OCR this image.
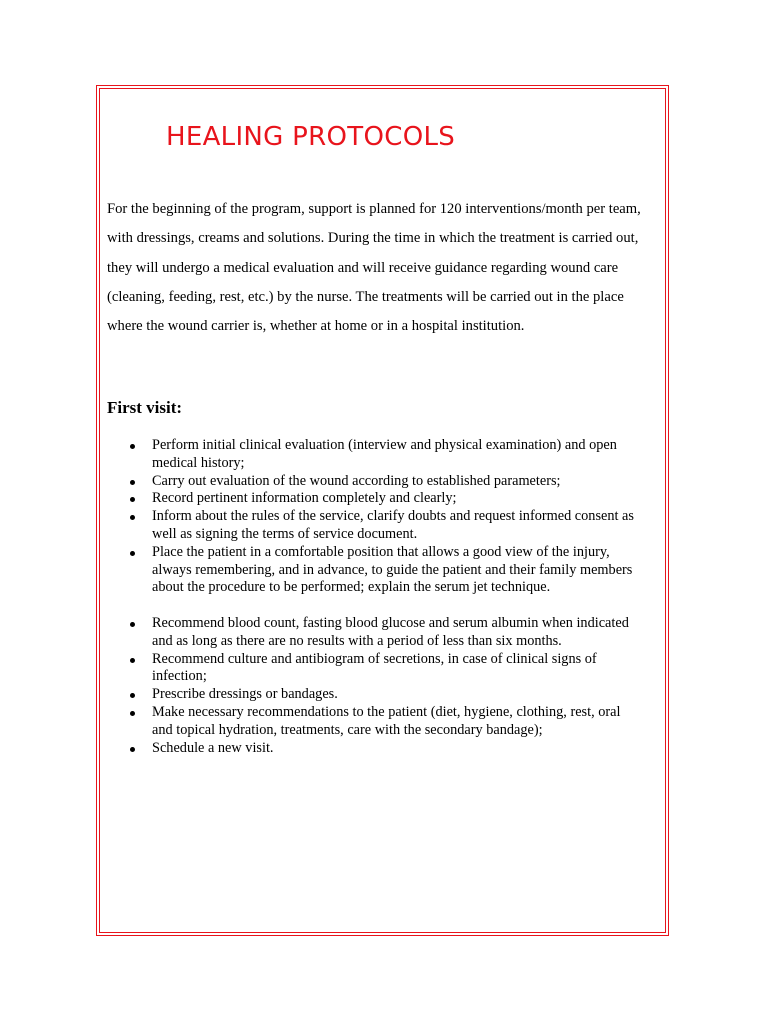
HEALING PROTOCOLS

For the beginning of the program, support is planned for 120 interventions/month per team,
with dressings, creams and solutions. During the time in which the treatment is carried out,
they will undergo a medical evaluation and will receive guidance regarding wound care
(cleaning, feeding, rest, etc.) by the nurse. The treatments will be carried out in the place
where the wound carrier is, whether at home or in a hospital institution.

First visit:
Perform initial clinical evaluation (interview and physical examination) and open
medical history;
Carry out evaluation of the wound according to established parameters;
Record pertinent information completely and clearly;
Inform about the rules of the service, clarify doubts and request informed consent as
well as signing the terms of service document.
Place the patient in a comfortable position that allows a good view of the injury,
always remembering, and in advance, to guide the patient and their family members
about the procedure to be performed; explain the serum jet technique.
Recommend blood count, fasting blood glucose and serum albumin when indicated
and as long as there are no results with a period of less than six months.
Recommend culture and antibiogram of secretions, in case of clinical signs of
infection;
Prescribe dressings or bandages.
Make necessary recommendations to the patient (diet, hygiene, clothing, rest, oral
and topical hydration, treatments, care with the secondary bandage);
Schedule a new visit.
